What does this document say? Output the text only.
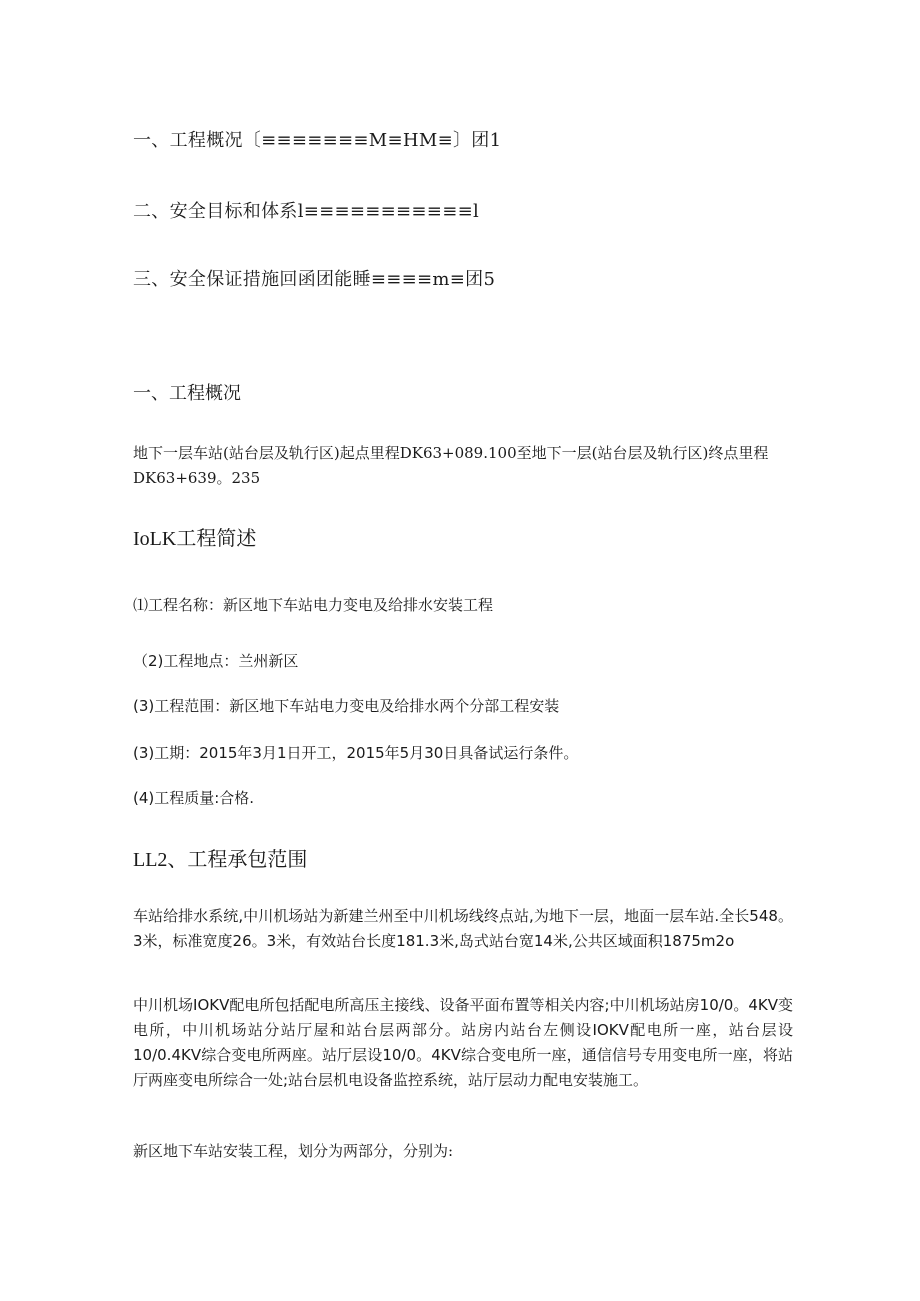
一、工程概况〔≡≡≡≡≡≡≡M≡HM≡〕团1
二、安全目标和体系l≡≡≡≡≡≡≡≡≡≡≡l
三、安全保证措施回函团能睡≡≡≡≡m≡团5
一、工程概况
地下一层车站(站台层及轨行区)起点里程DK63+089.100至地下一层(站台层及轨行区)终点里程DK63+639。235
IoLK工程简述
⑴工程名称：新区地下车站电力变电及给排水安装工程
（2)工程地点：兰州新区
(3)工程范围：新区地下车站电力变电及给排水两个分部工程安装
(3)工期：2015年3月1日开工，2015年5月30日具备试运行条件。
(4)工程质量:合格.
LL2、工程承包范围
车站给排水系统,中川机场站为新建兰州至中川机场线终点站,为地下一层，地面一层车站.全长548。3米，标准宽度26。3米，有效站台长度181.3米,岛式站台宽14米,公共区域面积1875m2o
中川机场IOKV配电所包括配电所高压主接线、设备平面布置等相关内容;中川机场站房10/0。4KV变电所，中川机场站分站厅屋和站台层两部分。站房内站台左侧设IOKV配电所一座，站台层设10/0.4KV综合变电所两座。站厅层设10/0。4KV综合变电所一座，通信信号专用变电所一座，将站厅两座变电所综合一处;站台层机电设备监控系统，站厅层动力配电安装施工。
新区地下车站安装工程，划分为两部分，分别为:
